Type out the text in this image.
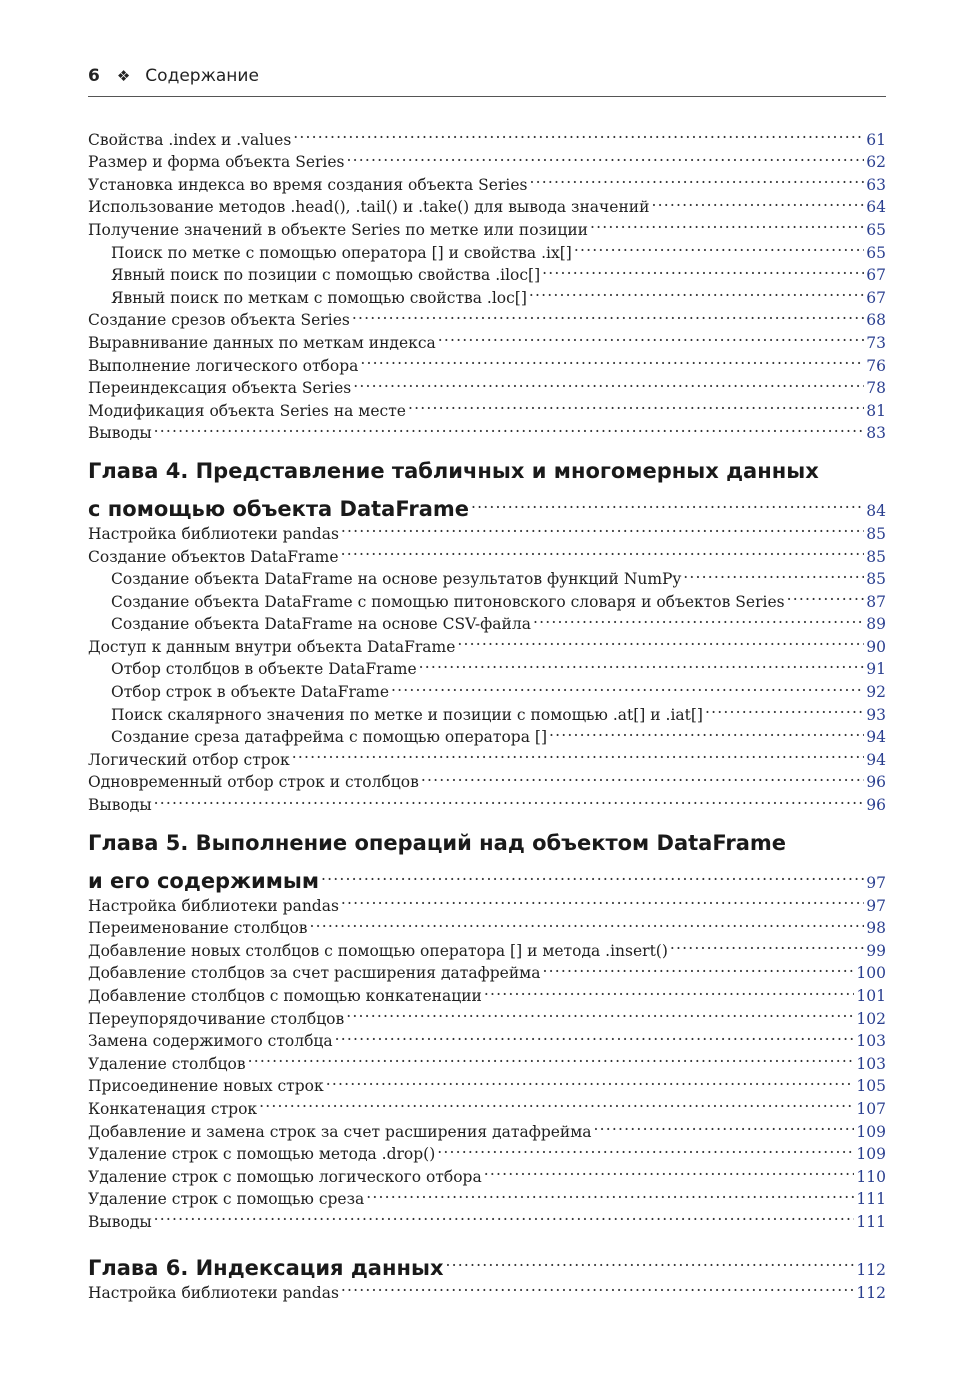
6 ❖ Содержание
Свойства .index и .values .....	61
Размер и форма объекта Series .....	62
Установка индекса во время создания объекта Series .....	63
Использование методов .head(), .tail() и .take() для вывода значений .....	64
Получение значений в объекте Series по метке или позиции .....	65
Поиск по метке с помощью оператора [] и свойства .ix[] .....	65
Явный поиск по позиции с помощью свойства .iloc[] .....	67
Явный поиск по меткам с помощью свойства .loc[] .....	67
Создание срезов объекта Series .....	68
Выравнивание данных по меткам индекса .....	73
Выполнение логического отбора .....	76
Переиндексация объекта Series .....	78
Модификация объекта Series на месте .....	81
Выводы .....	83
Глава 4. Представление табличных и многомерных данных
с помощью объекта DataFrame .....	84
Настройка библиотеки pandas .....	85
Создание объектов DataFrame .....	85
Создание объекта DataFrame на основе результатов функций NumPy .....	85
Создание объекта DataFrame с помощью питоновского словаря и объектов Series .....	87
Создание объекта DataFrame на основе CSV-файла .....	89
Доступ к данным внутри объекта DataFrame .....	90
Отбор столбцов в объекте DataFrame .....	91
Отбор строк в объекте DataFrame .....	92
Поиск скалярного значения по метке и позиции с помощью .at[] и .iat[] .....	93
Создание среза датафрейма с помощью оператора [] .....	94
Логический отбор строк .....	94
Одновременный отбор строк и столбцов .....	96
Выводы .....	96
Глава 5. Выполнение операций над объектом DataFrame
и его содержимым .....	97
Настройка библиотеки pandas .....	97
Переименование столбцов .....	98
Добавление новых столбцов с помощью оператора [] и метода .insert() .....	99
Добавление столбцов за счет расширения датафрейма .....	100
Добавление столбцов с помощью конкатенации .....	101
Переупорядочивание столбцов .....	102
Замена содержимого столбца .....	103
Удаление столбцов .....	103
Присоединение новых строк .....	105
Конкатенация строк .....	107
Добавление и замена строк за счет расширения датафрейма .....	109
Удаление строк с помощью метода .drop() .....	109
Удаление строк с помощью логического отбора .....	110
Удаление строк с помощью среза .....	111
Выводы .....	111
Глава 6. Индексация данных .....	112
Настройка библиотеки pandas .....	112
